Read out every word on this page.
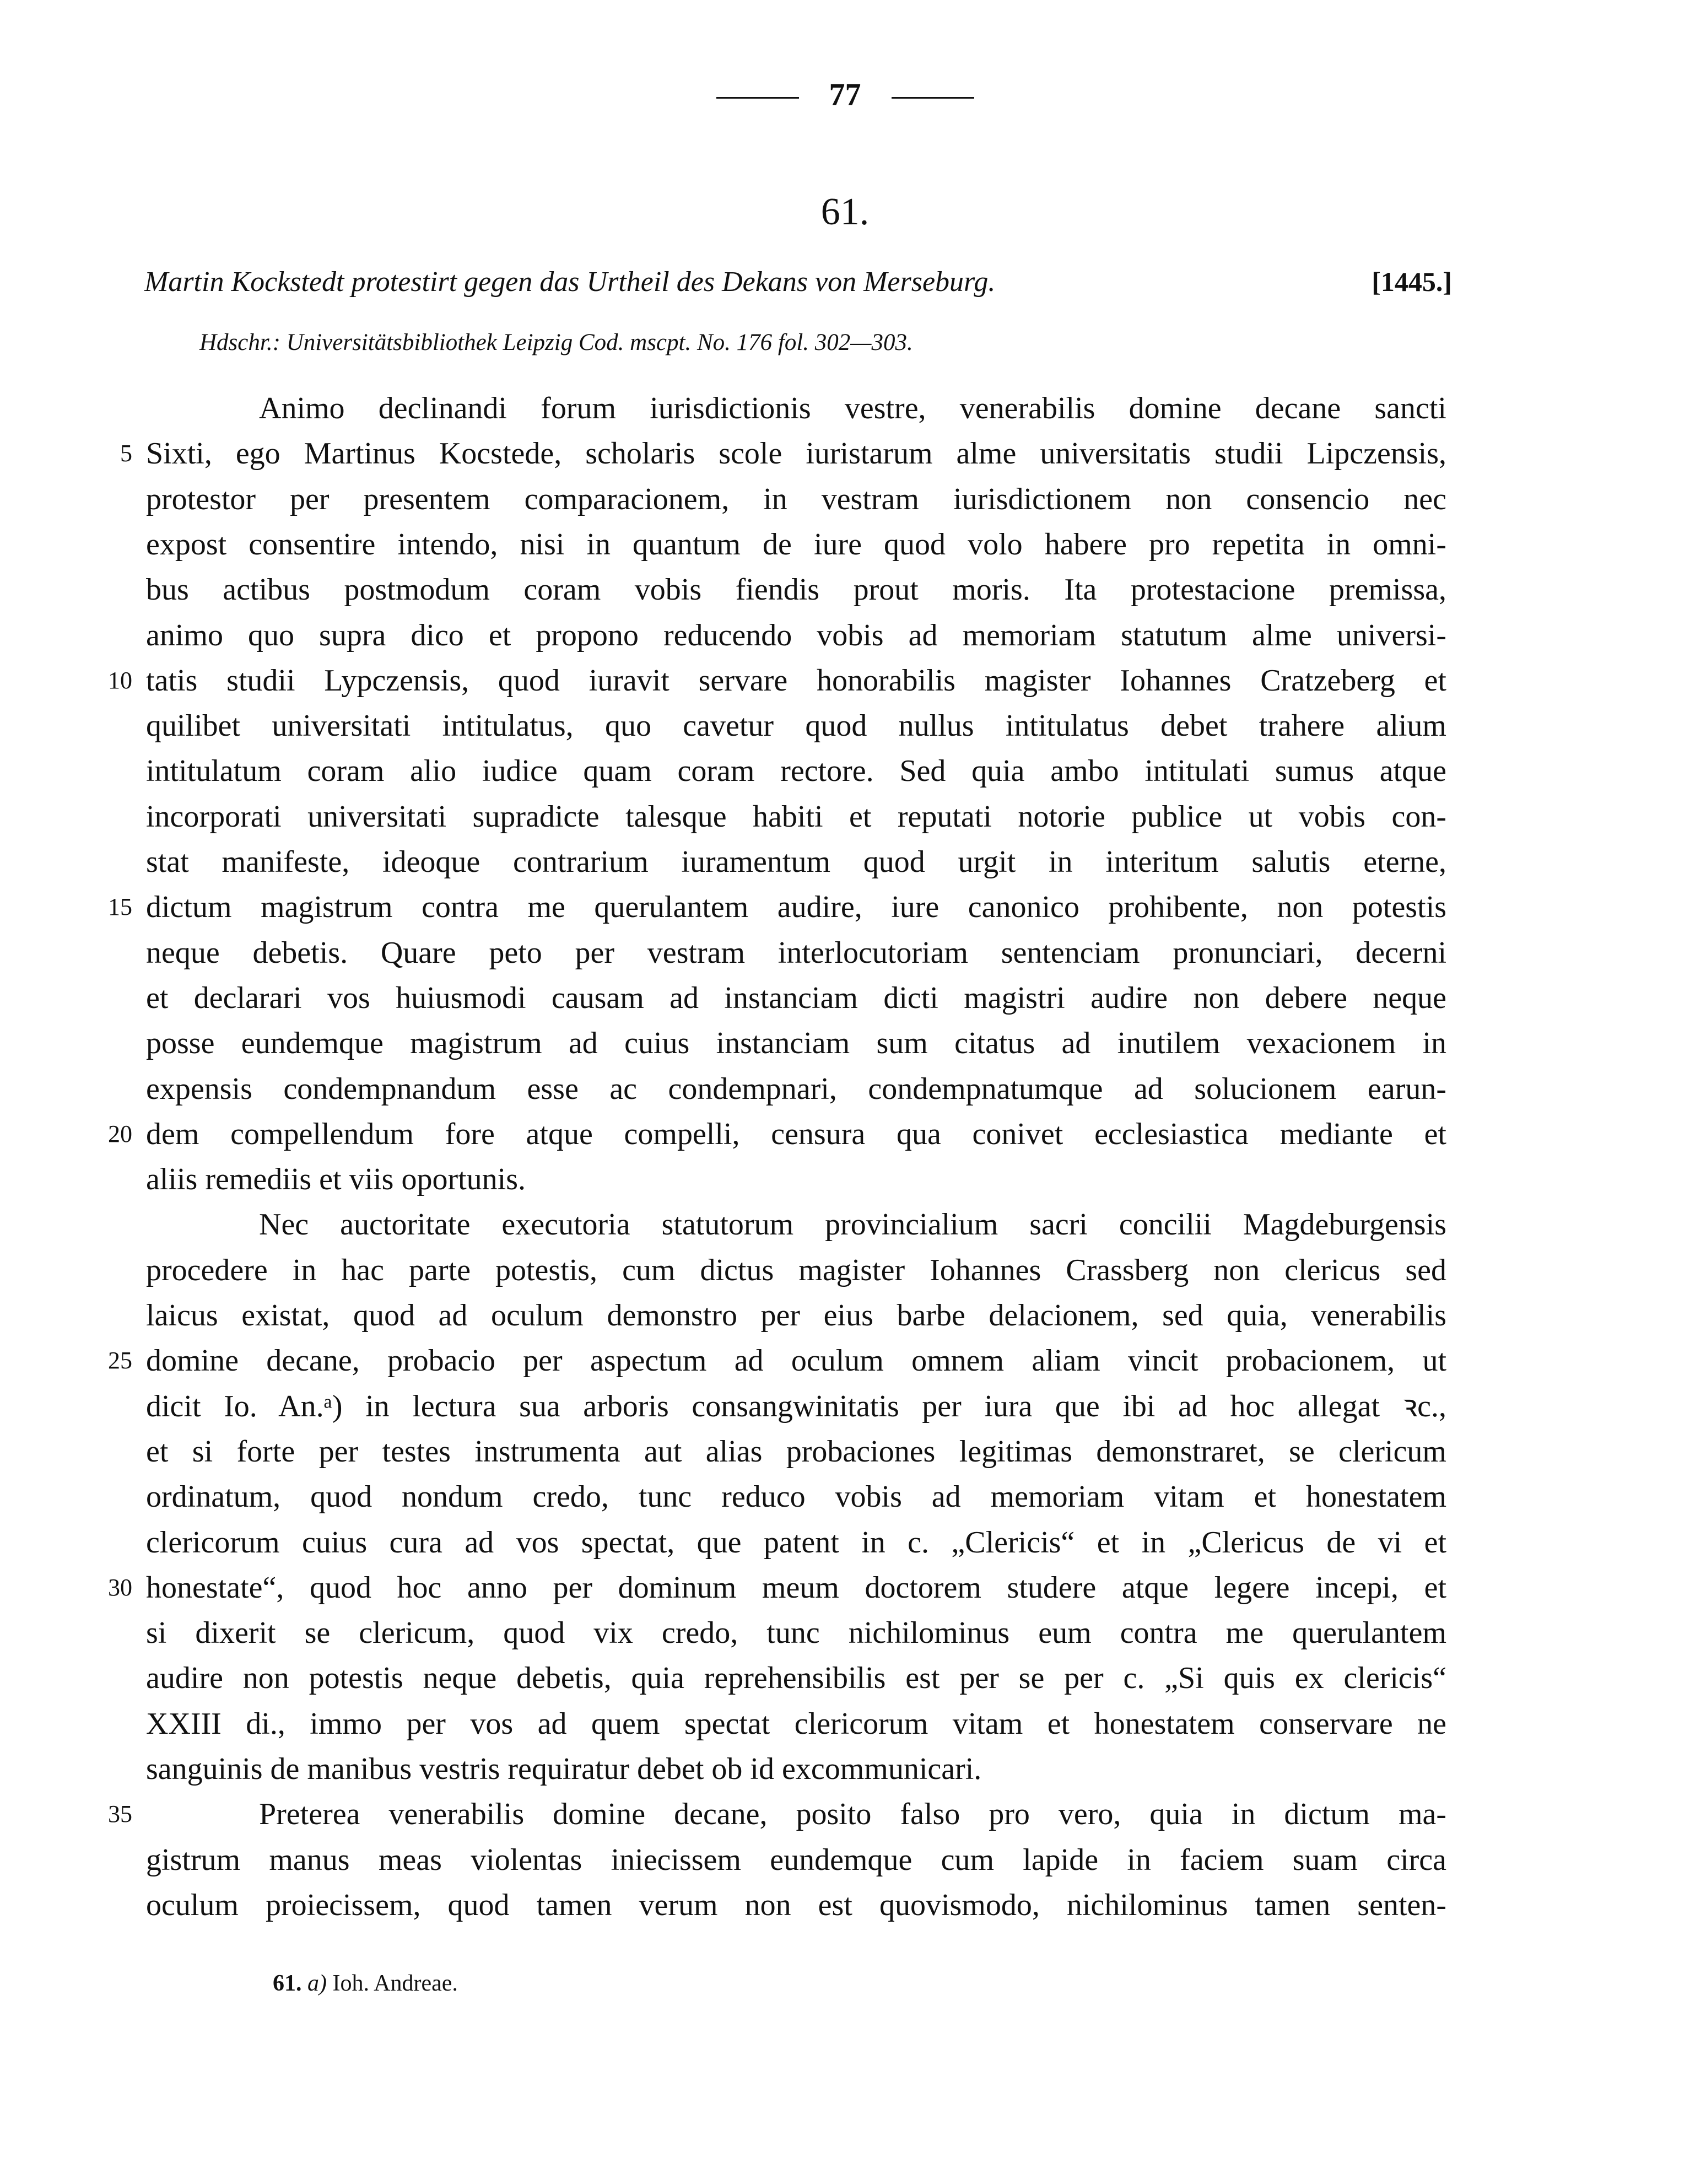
77
61.
Martin Kockstedt protestirt gegen das Urtheil des Dekans von Merseburg.	[1445.]
Hdschr.: Universitätsbibliothek Leipzig Cod. mscpt. No. 176 fol. 302—303.
Animo declinandi forum iurisdictionis vestre, venerabilis domine decane sancti
Sixti, ego Martinus Kocstede, scholaris scole iuristarum alme universitatis studii Lipczensis,
5
protestor per presentem comparacionem, in vestram iurisdictionem non consencio nec
expost consentire intendo, nisi in quantum de iure quod volo habere pro repetita in omni-
bus actibus postmodum coram vobis fiendis prout moris. Ita protestacione premissa,
animo quo supra dico et propono reducendo vobis ad memoriam statutum alme universi-
tatis studii Lypczensis, quod iuravit servare honorabilis magister Iohannes Cratzeberg et
10
quilibet universitati intitulatus, quo cavetur quod nullus intitulatus debet trahere alium
intitulatum coram alio iudice quam coram rectore. Sed quia ambo intitulati sumus atque
incorporati universitati supradicte talesque habiti et reputati notorie publice ut vobis con-
stat manifeste, ideoque contrarium iuramentum quod urgit in interitum salutis eterne,
dictum magistrum contra me querulantem audire, iure canonico prohibente, non potestis
15
neque debetis. Quare peto per vestram interlocutoriam sentenciam pronunciari, decerni
et declarari vos huiusmodi causam ad instanciam dicti magistri audire non debere neque
posse eundemque magistrum ad cuius instanciam sum citatus ad inutilem vexacionem in
expensis condempnandum esse ac condempnari, condempnatumque ad solucionem earun-
dem compellendum fore atque compelli, censura qua conivet ecclesiastica mediante et
20
aliis remediis et viis oportunis.
Nec auctoritate executoria statutorum provincialium sacri concilii Magdeburgensis
procedere in hac parte potestis, cum dictus magister Iohannes Crassberg non clericus sed
laicus existat, quod ad oculum demonstro per eius barbe delacionem, sed quia, venerabilis
domine decane, probacio per aspectum ad oculum omnem aliam vincit probacionem, ut
25
dicit Io. An.ᵃ) in lectura sua arboris consangwinitatis per iura que ibi ad hoc allegat ꝛc.,
et si forte per testes instrumenta aut alias probaciones legitimas demonstraret, se clericum
ordinatum, quod nondum credo, tunc reduco vobis ad memoriam vitam et honestatem
clericorum cuius cura ad vos spectat, que patent in c. „Clericis“ et in „Clericus de vi et
honestate“, quod hoc anno per dominum meum doctorem studere atque legere incepi, et
30
si dixerit se clericum, quod vix credo, tunc nichilominus eum contra me querulantem
audire non potestis neque debetis, quia reprehensibilis est per se per c. „Si quis ex clericis“
XXIII di., immo per vos ad quem spectat clericorum vitam et honestatem conservare ne
sanguinis de manibus vestris requiratur debet ob id excommunicari.
Preterea venerabilis domine decane, posito falso pro vero, quia in dictum ma-
35
gistrum manus meas violentas iniecissem eundemque cum lapide in faciem suam circa
oculum proiecissem, quod tamen verum non est quovismodo, nichilominus tamen senten-
61. a) Ioh. Andreae.
